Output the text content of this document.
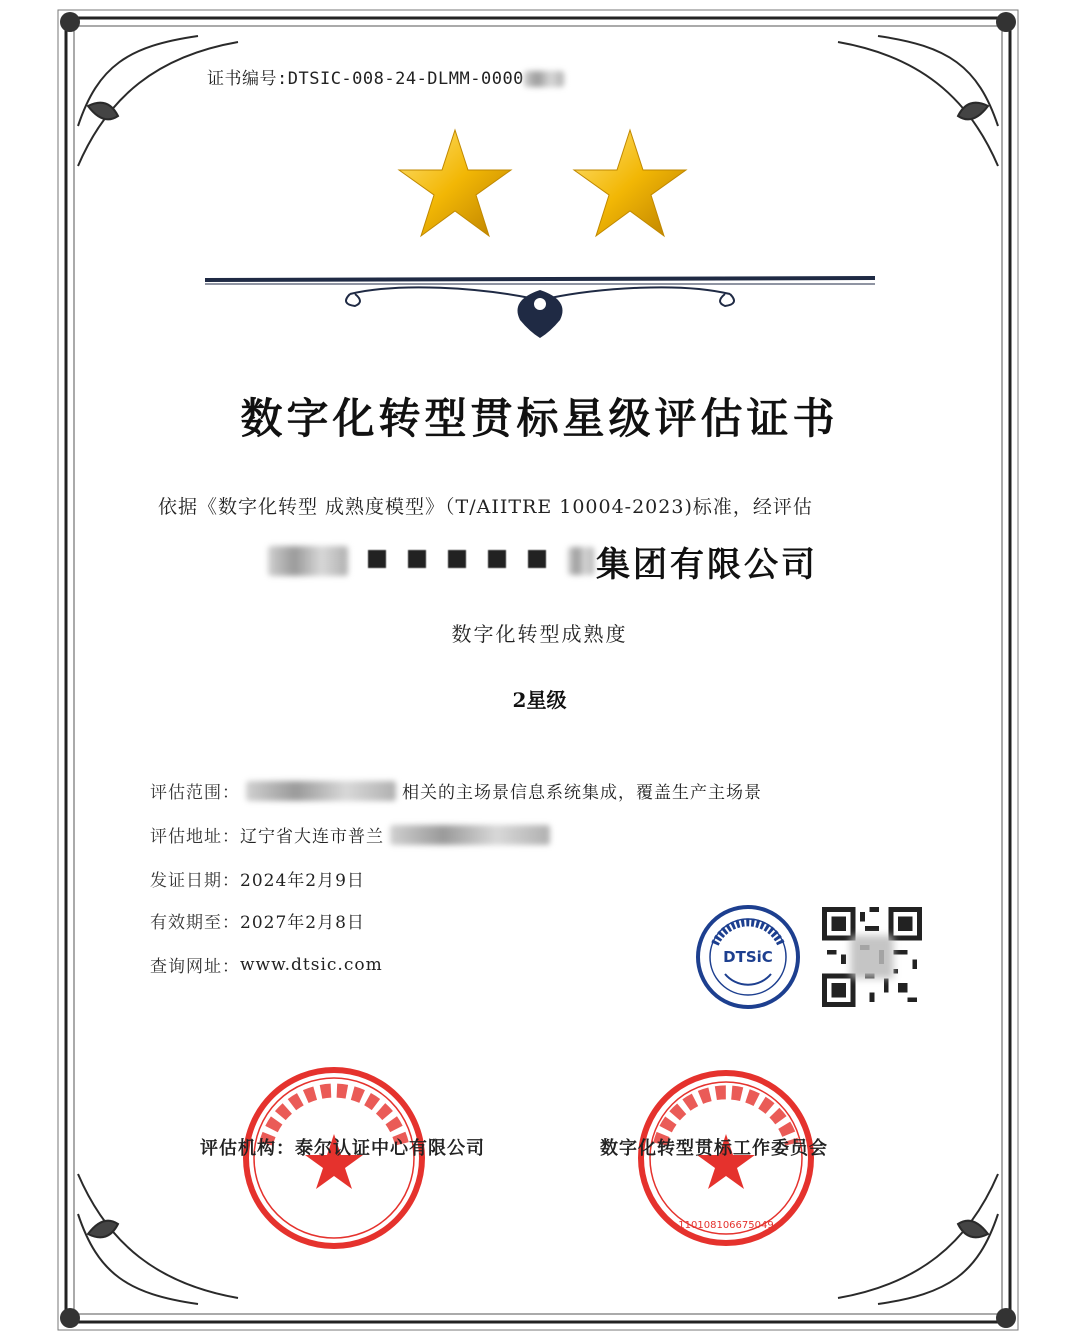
证书编号:DTSIC-008-24-DLMM-0000
数字化转型贯标星级评估证书
依据《数字化转型 成熟度模型》（T/AIITRE 10004-2023)标准，经评估
集团有限公司
数字化转型成熟度
2星级
评估范围：	相关的主场景信息系统集成，覆盖生产主场景
评估地址： 辽宁省大连市普兰
发证日期： 2024年2月9日
有效期至： 2027年2月8日
查询网址： www.dtsic.com	DTSiC
110108106675049
评估机构：泰尔认证中心有限公司	数字化转型贯标工作委员会
